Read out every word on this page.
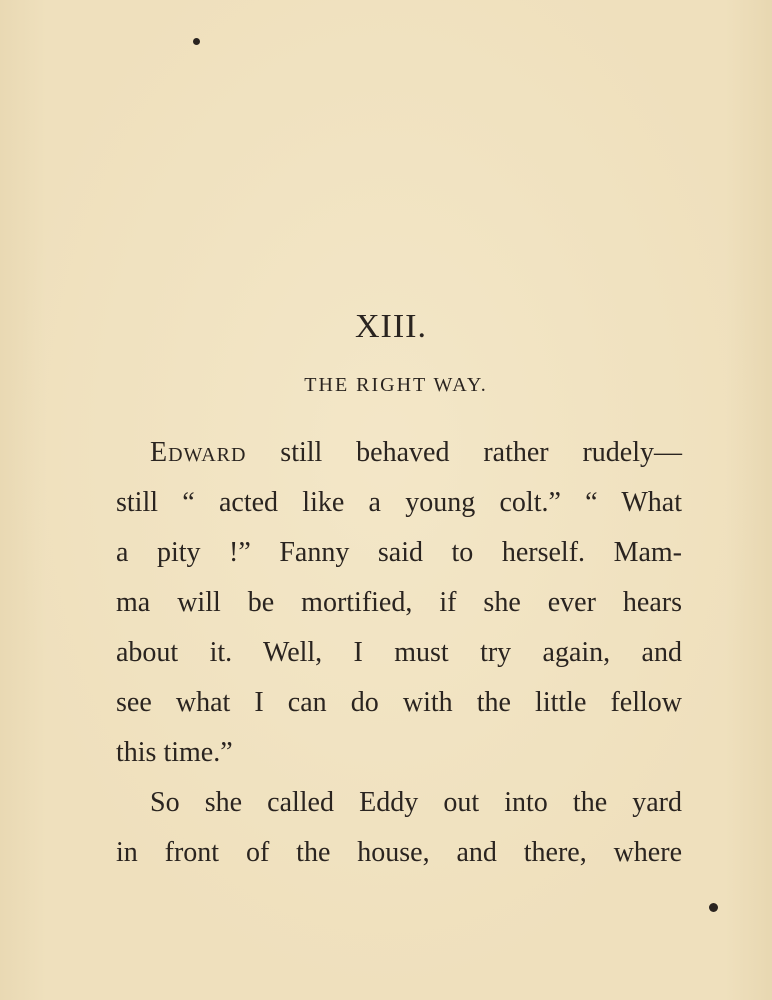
XIII.
THE RIGHT WAY.
Edward still behaved rather rudely—
still “ acted like a young colt.” “ What
a pity !” Fanny said to herself. Mam-
ma will be mortified, if she ever hears
about it. Well, I must try again, and
see what I can do with the little fellow
this time.”
So she called Eddy out into the yard
in front of the house, and there, where
